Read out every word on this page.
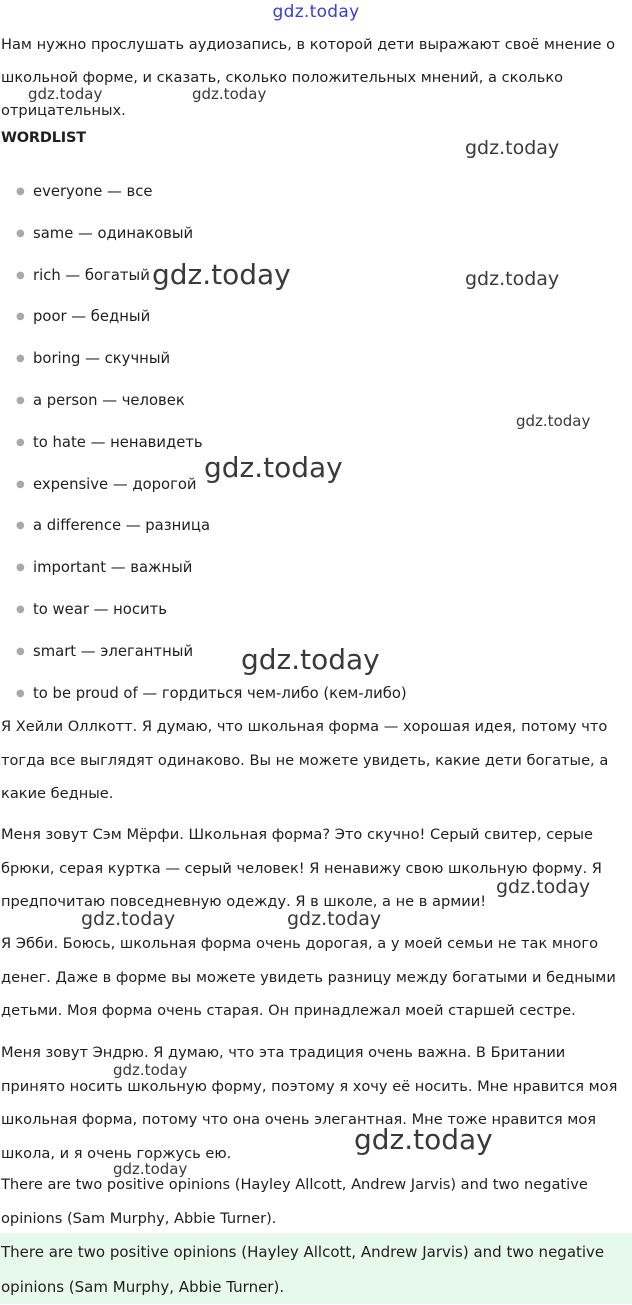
gdz.today
Нам нужно прослушать аудиозапись, в которой дети выражают своё мнение о школьной форме, и сказать, сколько положительных мнений, а сколько отрицательных.
WORDLIST
● everyone — все
● same — одинаковый
● rich — богатый
● poor — бедный
● boring — скучный
● a person — человек
● to hate — ненавидеть
● expensive — дорогой
● a difference — разница
● important — важный
● to wear — носить
● smart — элегантный
● to be proud of — гордиться чем-либо (кем-либо)
Я Хейли Оллкотт. Я думаю, что школьная форма — хорошая идея, потому что тогда все выглядят одинаково. Вы не можете увидеть, какие дети богатые, а какие бедные.
Меня зовут Сэм Мёрфи. Школьная форма? Это скучно! Серый свитер, серые брюки, серая куртка — серый человек! Я ненавижу свою школьную форму. Я предпочитаю повседневную одежду. Я в школе, а не в армии!
Я Эбби. Боюсь, школьная форма очень дорогая, а у моей семьи не так много денег. Даже в форме вы можете увидеть разницу между богатыми и бедными детьми. Моя форма очень старая. Он принадлежал моей старшей сестре.
Меня зовут Эндрю. Я думаю, что эта традиция очень важна. В Британии принято носить школьную форму, поэтому я хочу её носить. Мне нравится моя школьная форма, потому что она очень элегантная. Мне тоже нравится моя школа, и я очень горжусь ею.
There are two positive opinions (Hayley Allcott, Andrew Jarvis) and two negative opinions (Sam Murphy, Abbie Turner).
There are two positive opinions (Hayley Allcott, Andrew Jarvis) and two negative opinions (Sam Murphy, Abbie Turner).
gdz.today	gdz.today
gdz.today
gdz.today	gdz.today
gdz.today
gdz.today
gdz.today
gdz.today
gdz.today	gdz.today
gdz.today
gdz.today
gdz.today
